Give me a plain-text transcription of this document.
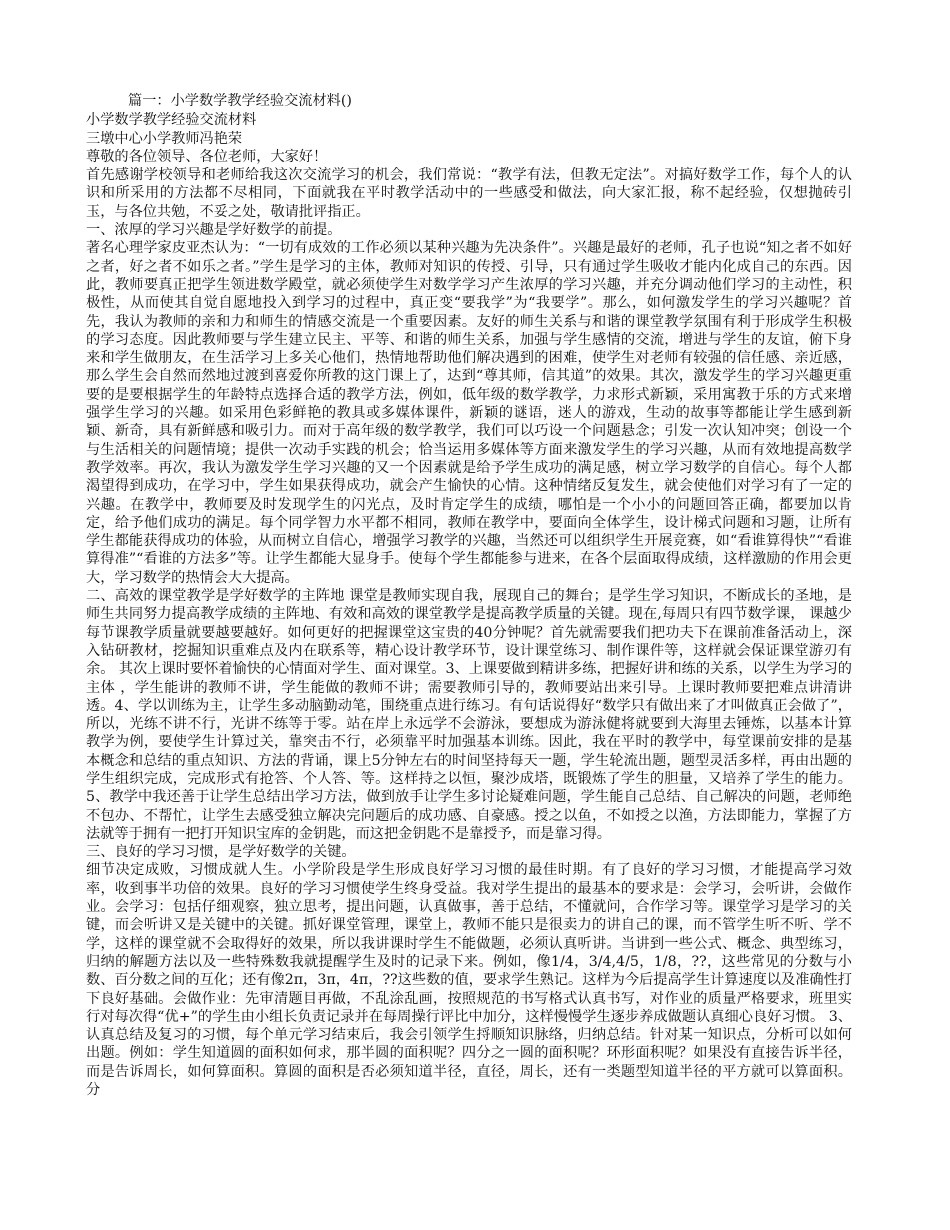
篇一：小学数学教学经验交流材料()

小学数学教学经验交流材料

三墩中心小学教师冯艳荣

尊敬的各位领导、各位老师，大家好！

首先感谢学校领导和老师给我这次交流学习的机会，我们常说：“教学有法，但教无定法”。对搞好数学工作，每个人的认识和所采用的方法都不尽相同，下面就我在平时教学活动中的一些感受和做法，向大家汇报，称不起经验，仅想抛砖引玉，与各位共勉，不妥之处，敬请批评指正。

一、浓厚的学习兴趣是学好数学的前提。

著名心理学家皮亚杰认为：“一切有成效的工作必须以某种兴趣为先决条件”。兴趣是最好的老师，孔子也说“知之者不如好之者，好之者不如乐之者。”学生是学习的主体，教师对知识的传授、引导，只有通过学生吸收才能内化成自己的东西。因此，教师要真正把学生领进数学殿堂，就必须使学生对数学学习产生浓厚的学习兴趣，并充分调动他们学习的主动性，积极性，从而使其自觉自愿地投入到学习的过程中，真正变“要我学”为“我要学”。那么，如何激发学生的学习兴趣呢？首先，我认为教师的亲和力和师生的情感交流是一个重要因素。友好的师生关系与和谐的课堂教学氛围有利于形成学生积极的学习态度。因此教师要与学生建立民主、平等、和谐的师生关系，加强与学生感情的交流，增进与学生的友谊，俯下身来和学生做朋友，在生活学习上多关心他们，热情地帮助他们解决遇到的困难，使学生对老师有较强的信任感、亲近感，那么学生会自然而然地过渡到喜爱你所教的这门课上了，达到“尊其师，信其道”的效果。其次，激发学生的学习兴趣更重要的是要根据学生的年龄特点选择合适的教学方法，例如，低年级的数学教学，力求形式新颖，采用寓教于乐的方式来增强学生学习的兴趣。如采用色彩鲜艳的教具或多媒体课件，新颖的谜语，迷人的游戏，生动的故事等都能让学生感到新颖、新奇，具有新鲜感和吸引力。而对于高年级的数学教学，我们可以巧设一个问题悬念；引发一次认知冲突；创设一个与生活相关的问题情境；提供一次动手实践的机会；恰当运用多媒体等方面来激发学生的学习兴趣，从而有效地提高数学教学效率。再次，我认为激发学生学习兴趣的又一个因素就是给予学生成功的满足感，树立学习数学的自信心。每个人都渴望得到成功，在学习中，学生如果获得成功，就会产生愉快的心情。这种情绪反复发生，就会使他们对学习有了一定的兴趣。在教学中，教师要及时发现学生的闪光点，及时肯定学生的成绩，哪怕是一个小小的问题回答正确，都要加以肯定，给予他们成功的满足。每个同学智力水平都不相同，教师在教学中，要面向全体学生，设计梯式问题和习题，让所有学生都能获得成功的体验，从而树立自信心，增强学习教学的兴趣，当然还可以组织学生开展竞赛，如“看谁算得快”“看谁算得准”“看谁的方法多”等。让学生都能大显身手。使每个学生都能参与进来，在各个层面取得成绩，这样激励的作用会更大，学习数学的热情会大大提高。

二、高效的课堂教学是学好数学的主阵地 课堂是教师实现自我，展现自己的舞台；是学生学习知识，不断成长的圣地，是师生共同努力提高教学成绩的主阵地、有效和高效的课堂教学是提高教学质量的关键。现在,每周只有四节数学课， 课越少每节课教学质量就要越要越好。如何更好的把握课堂这宝贵的40分钟呢？首先就需要我们把功夫下在课前准备活动上，深入钻研教材，挖掘知识重难点及内在联系等，精心设计教学环节，设计课堂练习、制作课件等，这样就会保证课堂游刃有余。 其次上课时要怀着愉快的心情面对学生、面对课堂。3、上课要做到精讲多练，把握好讲和练的关系，以学生为学习的主体 ，学生能讲的教师不讲，学生能做的教师不讲；需要教师引导的，教师要站出来引导。上课时教师要把难点讲清讲透。4、学以训练为主，让学生多动脑勤动笔，围绕重点进行练习。有句话说得好“数学只有做出来了才叫做真正会做了”，所以，光练不讲不行，光讲不练等于零。站在岸上永远学不会游泳，要想成为游泳健将就要到大海里去锤炼，以基本计算教学为例，要使学生计算过关，靠突击不行，必须靠平时加强基本训练。因此，我在平时的教学中，每堂课前安排的是基本概念和总结的重点知识、方法的背诵，课上5分钟左右的时间坚持每天一题，学生轮流出题，题型灵活多样，再由出题的学生组织完成，完成形式有抢答、个人答、等。这样持之以恒，聚沙成塔，既锻炼了学生的胆量，又培养了学生的能力。5、教学中我还善于让学生总结出学习方法，做到放手让学生多讨论疑难问题，学生能自己总结、自己解决的问题，老师绝不包办、不帮忙，让学生去感受独立解决完问题后的成功感、自豪感。授之以鱼，不如授之以渔，方法即能力，掌握了方法就等于拥有一把打开知识宝库的金钥匙，而这把金钥匙不是靠授予，而是靠习得。

三、良好的学习习惯，是学好数学的关键。

细节决定成败，习惯成就人生。小学阶段是学生形成良好学习习惯的最佳时期。有了良好的学习习惯，才能提高学习效率，收到事半功倍的效果。良好的学习习惯使学生终身受益。我对学生提出的最基本的要求是：会学习，会听讲，会做作业。会学习：包括仔细观察，独立思考，提出问题，认真做事，善于总结，不懂就问，合作学习等。课堂学习是学习的关键，而会听讲又是关键中的关键。抓好课堂管理，课堂上，教师不能只是很卖力的讲自己的课，而不管学生听不听、学不学，这样的课堂就不会取得好的效果，所以我讲课时学生不能做题，必须认真听讲。当讲到一些公式、概念、典型练习，归纳的解题方法以及一些特殊数我就提醒学生及时的记录下来。例如，像1/4，3/4,4/5，1/8，??，这些常见的分数与小数、百分数之间的互化；还有像2π，3π，4π，??这些数的值，要求学生熟记。这样为今后提高学生计算速度以及准确性打下良好基础。会做作业：先审清题目再做，不乱涂乱画，按照规范的书写格式认真书写，对作业的质量严格要求，班里实行对每次得“优+”的学生由小组长负责记录并在每周操行评比中加分，这样慢慢学生逐步养成做题认真细心良好习惯。 3、认真总结及复习的习惯，每个单元学习结束后，我会引领学生捋顺知识脉络，归纳总结。针对某一知识点，分析可以如何出题。例如：学生知道圆的面积如何求，那半圆的面积呢？四分之一圆的面积呢？环形面积呢？如果没有直接告诉半径，而是告诉周长，如何算面积。算圆的面积是否必须知道半径，直径，周长，还有一类题型知道半径的平方就可以算面积。分
